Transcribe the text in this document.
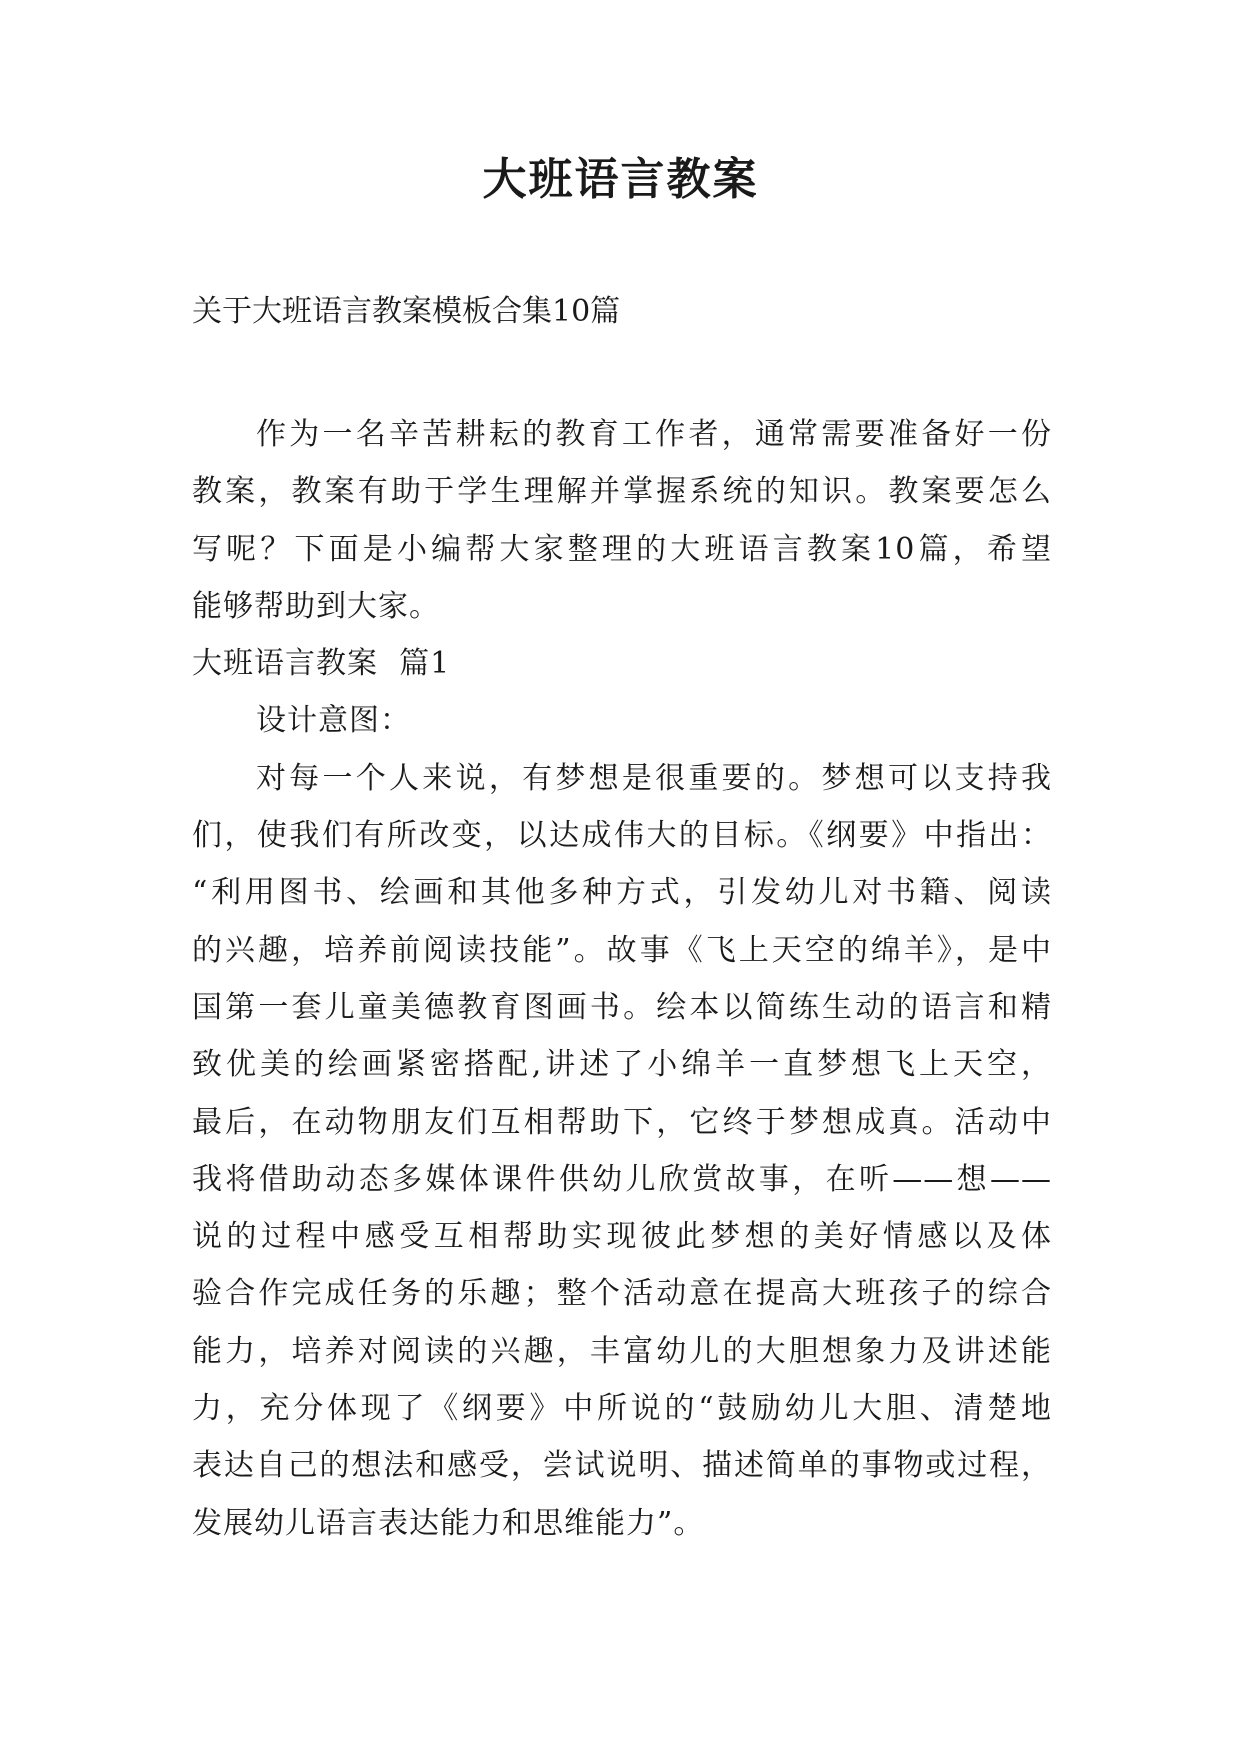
大班语言教案

关于大班语言教案模板合集10篇

作为一名辛苦耕耘的教育工作者，通常需要准备好一份
教案，教案有助于学生理解并掌握系统的知识。教案要怎么
写呢？下面是小编帮大家整理的大班语言教案10篇，希望
能够帮助到大家。
大班语言教案  篇1
设计意图：
对每一个人来说，有梦想是很重要的。梦想可以支持我
们，使我们有所改变，以达成伟大的目标。《纲要》中指出：
“利用图书、绘画和其他多种方式，引发幼儿对书籍、阅读
的兴趣，培养前阅读技能”。故事《飞上天空的绵羊》，是中
国第一套儿童美德教育图画书。绘本以简练生动的语言和精
致优美的绘画紧密搭配,讲述了小绵羊一直梦想飞上天空，
最后，在动物朋友们互相帮助下，它终于梦想成真。活动中
我将借助动态多媒体课件供幼儿欣赏故事，在听——想——
说的过程中感受互相帮助实现彼此梦想的美好情感以及体
验合作完成任务的乐趣；整个活动意在提高大班孩子的综合
能力，培养对阅读的兴趣，丰富幼儿的大胆想象力及讲述能
力，充分体现了《纲要》中所说的“鼓励幼儿大胆、清楚地
表达自己的想法和感受，尝试说明、描述简单的事物或过程，
发展幼儿语言表达能力和思维能力”。
